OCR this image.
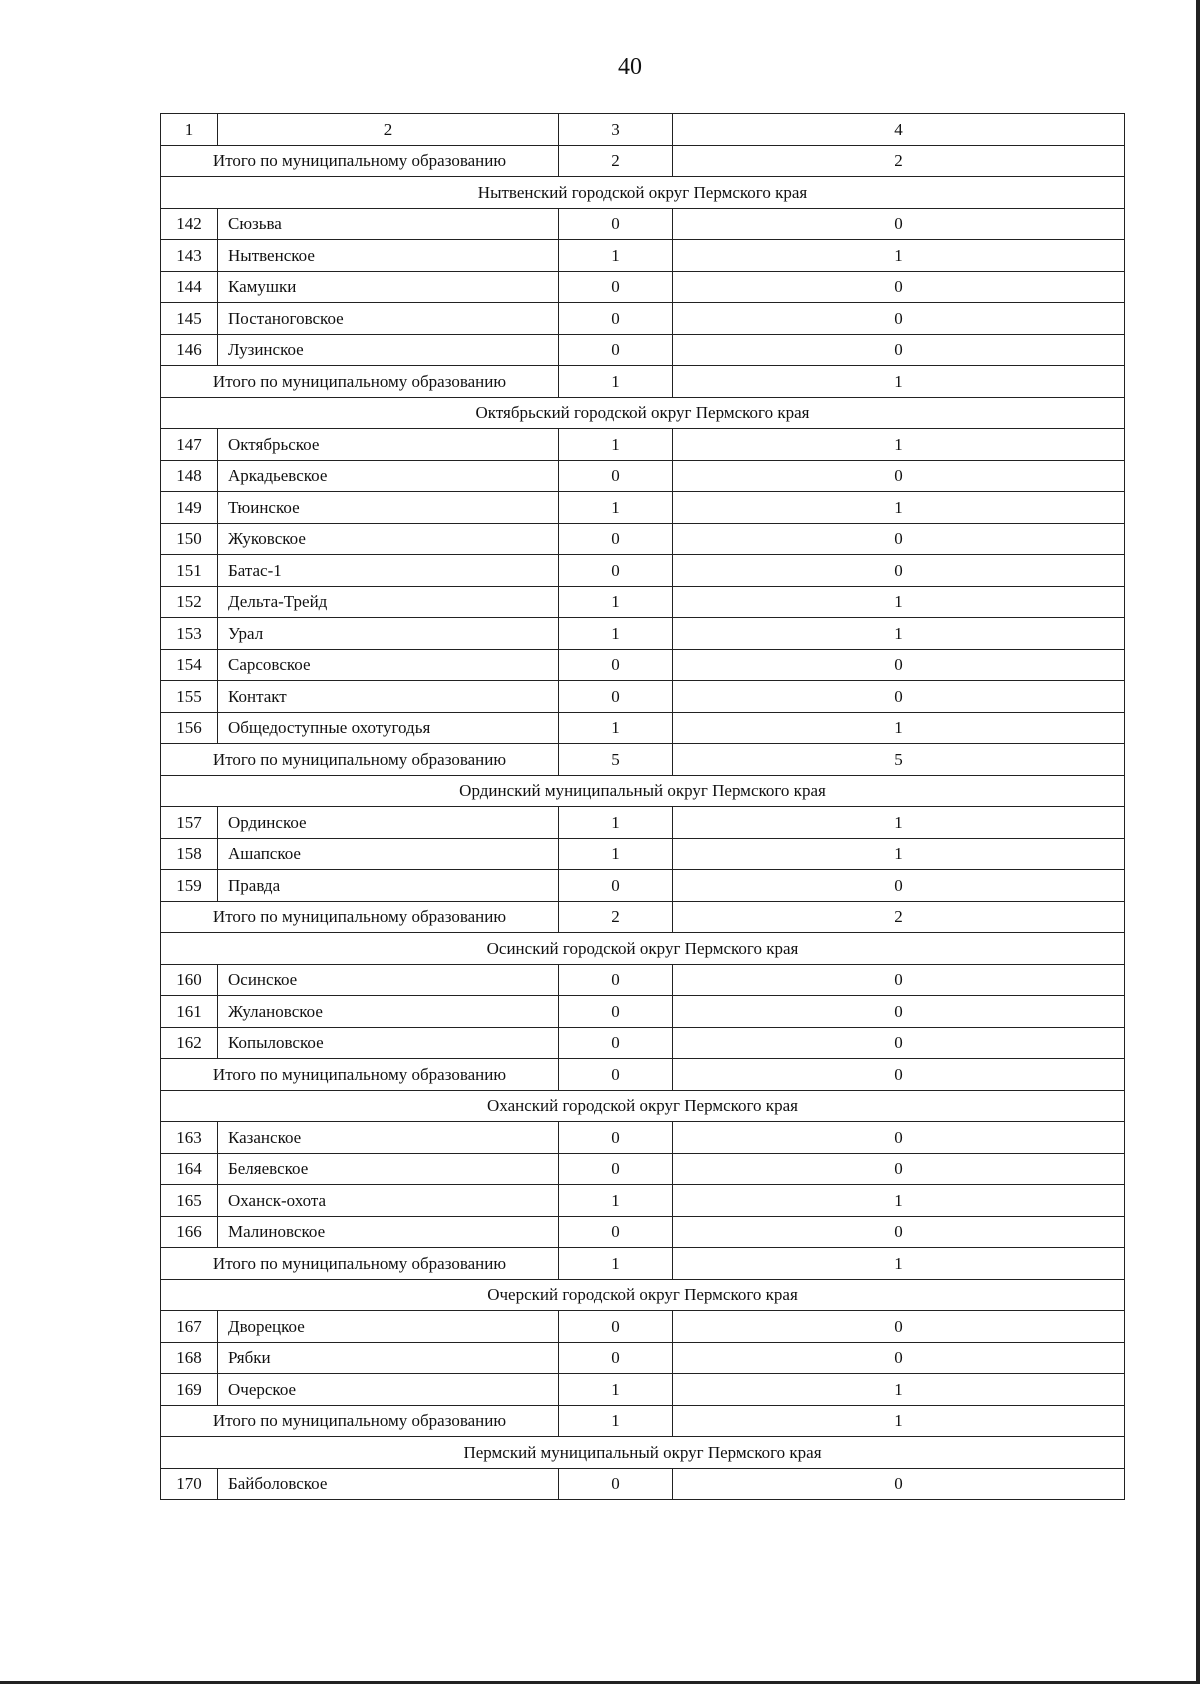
40
1	2	3	4
Итого по муниципальному образованию		2	2
Нытвенский городской округ Пермского края			
142	Сюзьва	0	0
143	Нытвенское	1	1
144	Камушки	0	0
145	Постаноговское	0	0
146	Лузинское	0	0
Итого по муниципальному образованию		1	1
Октябрьский городской округ Пермского края			
147	Октябрьское	1	1
148	Аркадьевское	0	0
149	Тюинское	1	1
150	Жуковское	0	0
151	Батас-1	0	0
152	Дельта-Трейд	1	1
153	Урал	1	1
154	Сарсовское	0	0
155	Контакт	0	0
156	Общедоступные охотугодья	1	1
Итого по муниципальному образованию		5	5
Ординский муниципальный округ Пермского края			
157	Ординское	1	1
158	Ашапское	1	1
159	Правда	0	0
Итого по муниципальному образованию		2	2
Осинский городской округ Пермского края			
160	Осинское	0	0
161	Жулановское	0	0
162	Копыловское	0	0
Итого по муниципальному образованию		0	0
Оханский городской округ Пермского края			
163	Казанское	0	0
164	Беляевское	0	0
165	Оханск-охота	1	1
166	Малиновское	0	0
Итого по муниципальному образованию		1	1
Очерский городской округ Пермского края			
167	Дворецкое	0	0
168	Рябки	0	0
169	Очерское	1	1
Итого по муниципальному образованию		1	1
Пермский муниципальный округ Пермского края			
170	Байболовское	0	0
